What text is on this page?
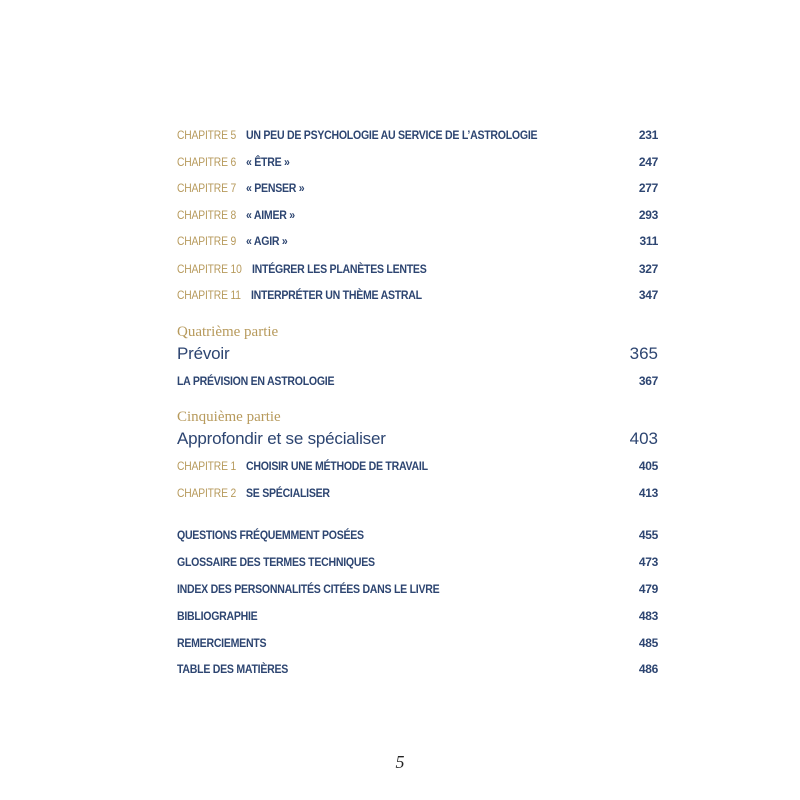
CHAPITRE 5 UN PEU DE PSYCHOLOGIE AU SERVICE DE L’ASTROLOGIE	231
CHAPITRE 6 « ÊTRE »	247
CHAPITRE 7 « PENSER »	277
CHAPITRE 8 « AIMER »	293
CHAPITRE 9 « AGIR »	311
CHAPITRE 10 INTÉGRER LES PLANÈTES LENTES	327
CHAPITRE 11 INTERPRÉTER UN THÈME ASTRAL	347
Quatrième partie
Prévoir	365
LA PRÉVISION EN ASTROLOGIE	367
Cinquième partie
Approfondir et se spécialiser	403
CHAPITRE 1 CHOISIR UNE MÉTHODE DE TRAVAIL	405
CHAPITRE 2 SE SPÉCIALISER	413
QUESTIONS FRÉQUEMMENT POSÉES	455
GLOSSAIRE DES TERMES TECHNIQUES	473
INDEX DES PERSONNALITÉS CITÉES DANS LE LIVRE	479
BIBLIOGRAPHIE	483
REMERCIEMENTS	485
TABLE DES MATIÈRES	486
5
